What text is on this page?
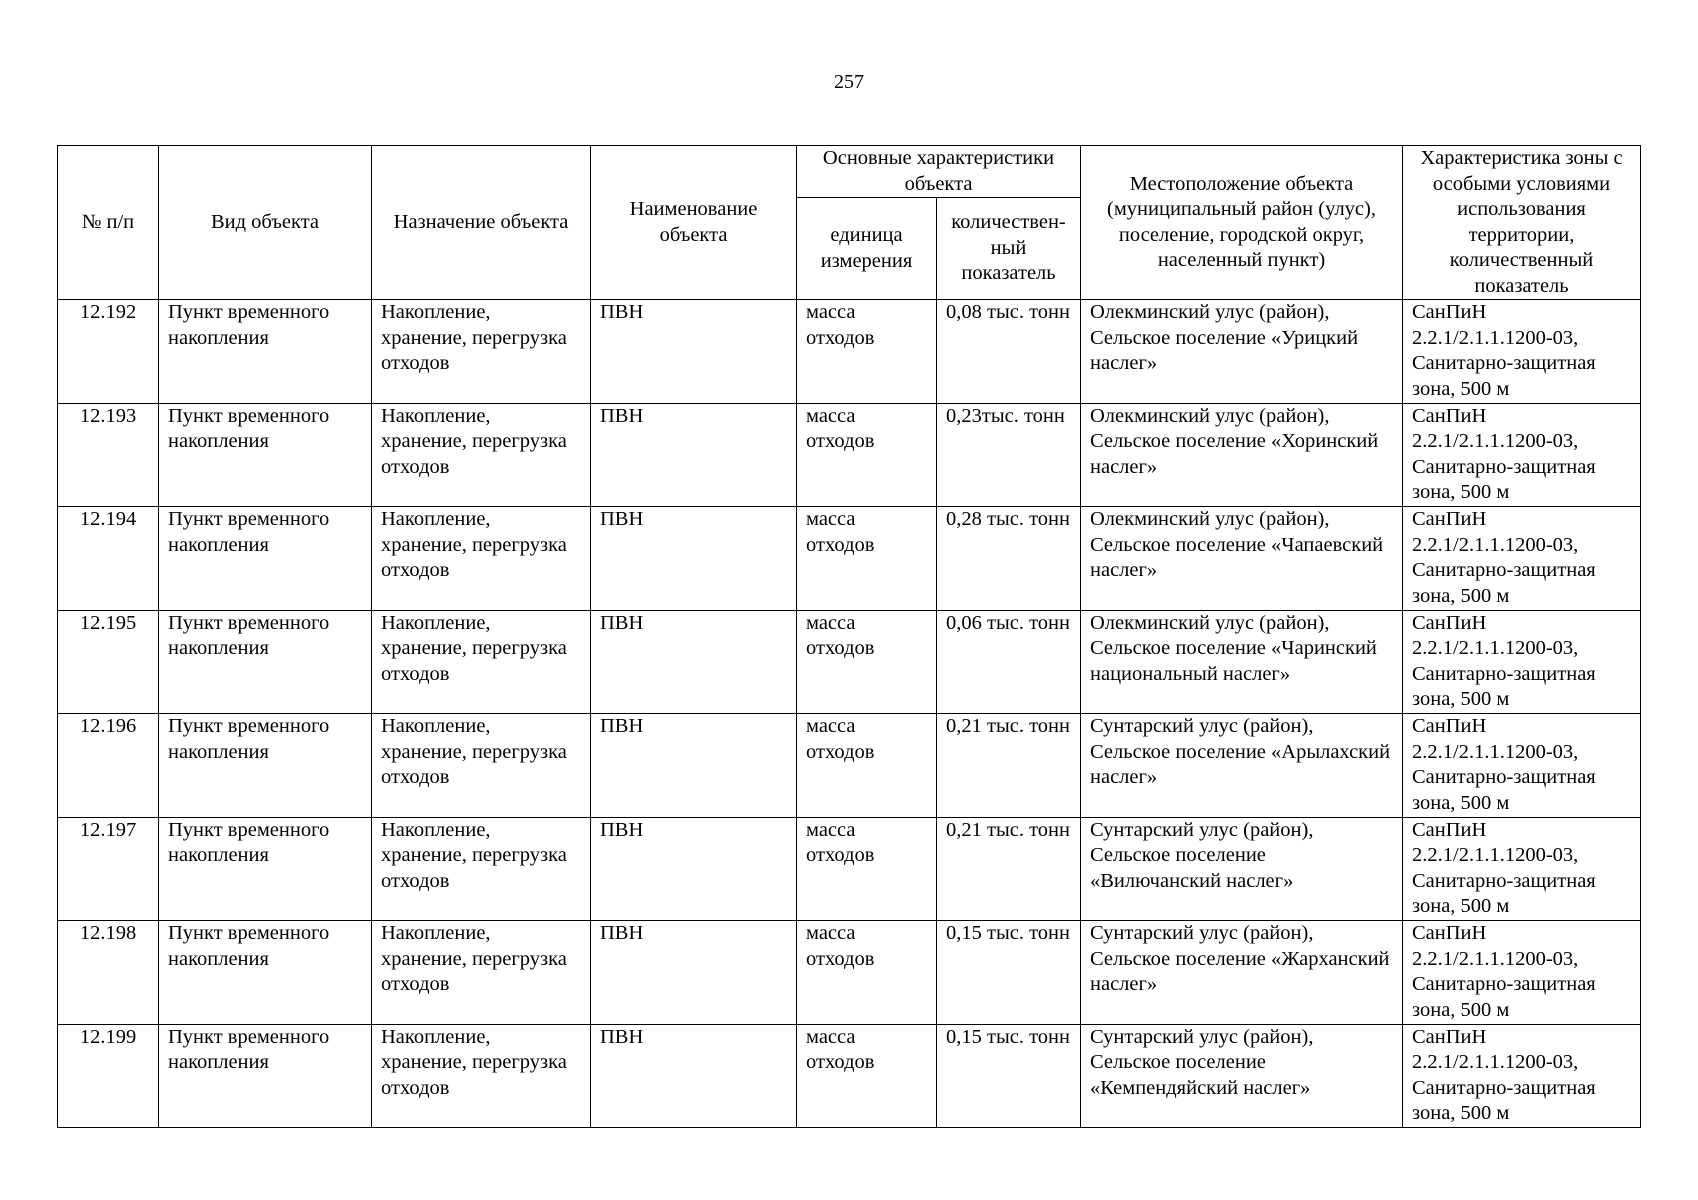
257
№ п/п	Вид объекта	Назначение объекта	Наименование объекта	Основные характеристики объекта		Местоположение объекта (муниципальный район (улус), поселение, городской округ, населенный пункт)	Характеристика зоны с особыми условиями использования территории, количественный показатель
				единица измерения	количествен-ный показатель		
12.192	Пункт временного накопления	Накопление, хранение, перегрузка отходов	ПВН	масса отходов	0,08 тыс. тонн	Олекминский улус (район), Сельское поселение «Урицкий наслег»	СанПиН 2.2.1/2.1.1.1200-03, Санитарно-защитная зона, 500 м
12.193	Пункт временного накопления	Накопление, хранение, перегрузка отходов	ПВН	масса отходов	0,23тыс. тонн	Олекминский улус (район), Сельское поселение «Хоринский наслег»	СанПиН 2.2.1/2.1.1.1200-03, Санитарно-защитная зона, 500 м
12.194	Пункт временного накопления	Накопление, хранение, перегрузка отходов	ПВН	масса отходов	0,28 тыс. тонн	Олекминский улус (район), Сельское поселение «Чапаевский наслег»	СанПиН 2.2.1/2.1.1.1200-03, Санитарно-защитная зона, 500 м
12.195	Пункт временного накопления	Накопление, хранение, перегрузка отходов	ПВН	масса отходов	0,06 тыс. тонн	Олекминский улус (район), Сельское поселение «Чаринский национальный наслег»	СанПиН 2.2.1/2.1.1.1200-03, Санитарно-защитная зона, 500 м
12.196	Пункт временного накопления	Накопление, хранение, перегрузка отходов	ПВН	масса отходов	0,21 тыс. тонн	Сунтарский улус (район), Сельское поселение «Арылахский наслег»	СанПиН 2.2.1/2.1.1.1200-03, Санитарно-защитная зона, 500 м
12.197	Пункт временного накопления	Накопление, хранение, перегрузка отходов	ПВН	масса отходов	0,21 тыс. тонн	Сунтарский улус (район), Сельское поселение «Вилючанский наслег»	СанПиН 2.2.1/2.1.1.1200-03, Санитарно-защитная зона, 500 м
12.198	Пункт временного накопления	Накопление, хранение, перегрузка отходов	ПВН	масса отходов	0,15 тыс. тонн	Сунтарский улус (район), Сельское поселение «Жарханский наслег»	СанПиН 2.2.1/2.1.1.1200-03, Санитарно-защитная зона, 500 м
12.199	Пункт временного накопления	Накопление, хранение, перегрузка отходов	ПВН	масса отходов	0,15 тыс. тонн	Сунтарский улус (район), Сельское поселение «Кемпендяйский наслег»	СанПиН 2.2.1/2.1.1.1200-03, Санитарно-защитная зона, 500 м
